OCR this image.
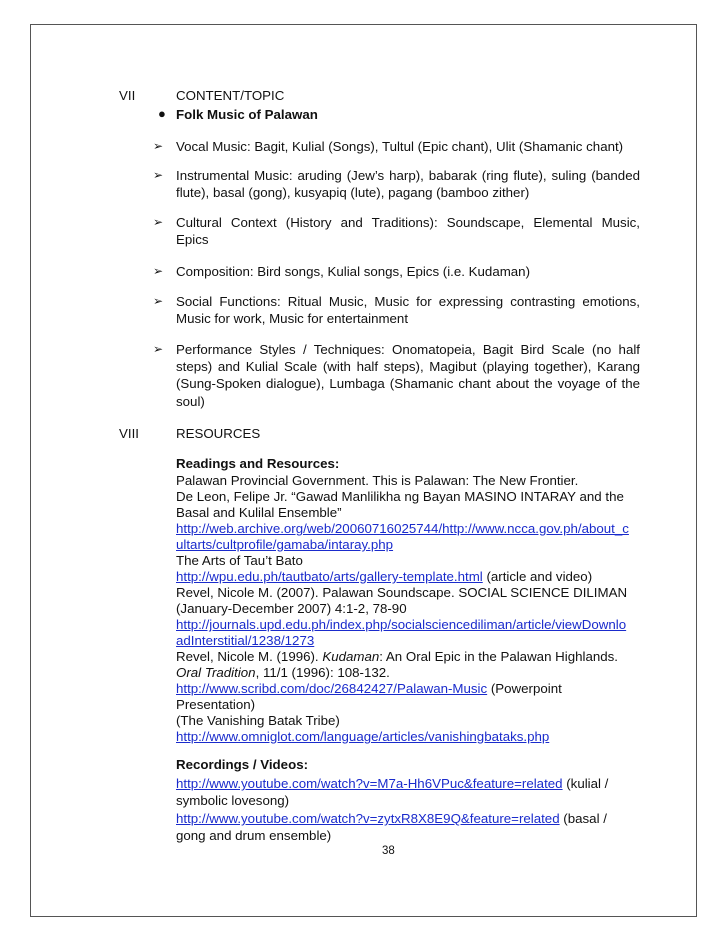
VII	CONTENT/TOPIC
● Folk Music of Palawan
➢ Vocal Music: Bagit, Kulial (Songs), Tultul (Epic chant), Ulit (Shamanic chant)
➢ Instrumental Music: aruding (Jew’s harp), babarak (ring flute), suling (banded
flute), basal (gong), kusyapiq (lute), pagang (bamboo zither)
➢ Cultural Context (History and Traditions): Soundscape, Elemental Music,
Epics
➢ Composition: Bird songs, Kulial songs, Epics (i.e. Kudaman)
➢ Social Functions: Ritual Music, Music for expressing contrasting emotions,
Music for work, Music for entertainment
➢ Performance Styles / Techniques: Onomatopeia, Bagit Bird Scale (no half
steps) and Kulial Scale (with half steps), Magibut (playing together), Karang
(Sung-Spoken dialogue), Lumbaga (Shamanic chant about the voyage of the
soul)
VIII	RESOURCES
Readings and Resources:
Palawan Provincial Government. This is Palawan: The New Frontier.
De Leon, Felipe Jr. “Gawad Manlilikha ng Bayan MASINO INTARAY and the
Basal and Kulilal Ensemble”
http://web.archive.org/web/20060716025744/http://www.ncca.gov.ph/about_c
ultarts/cultprofile/gamaba/intaray.php
The Arts of Tau’t Bato
http://wpu.edu.ph/tautbato/arts/gallery-template.html (article and video)
Revel, Nicole M. (2007). Palawan Soundscape. SOCIAL SCIENCE DILIMAN
(January-December 2007) 4:1-2, 78-90
http://journals.upd.edu.ph/index.php/socialsciencediliman/article/viewDownlo
adInterstitial/1238/1273
Revel, Nicole M. (1996). Kudaman: An Oral Epic in the Palawan Highlands.
Oral Tradition, 11/1 (1996): 108-132.
http://www.scribd.com/doc/26842427/Palawan-Music (Powerpoint
Presentation)
(The Vanishing Batak Tribe)
http://www.omniglot.com/language/articles/vanishingbataks.php
Recordings / Videos:
http://www.youtube.com/watch?v=M7a-Hh6VPuc&feature=related (kulial /
symbolic lovesong)
http://www.youtube.com/watch?v=zytxR8X8E9Q&feature=related (basal /
gong and drum ensemble)
38
